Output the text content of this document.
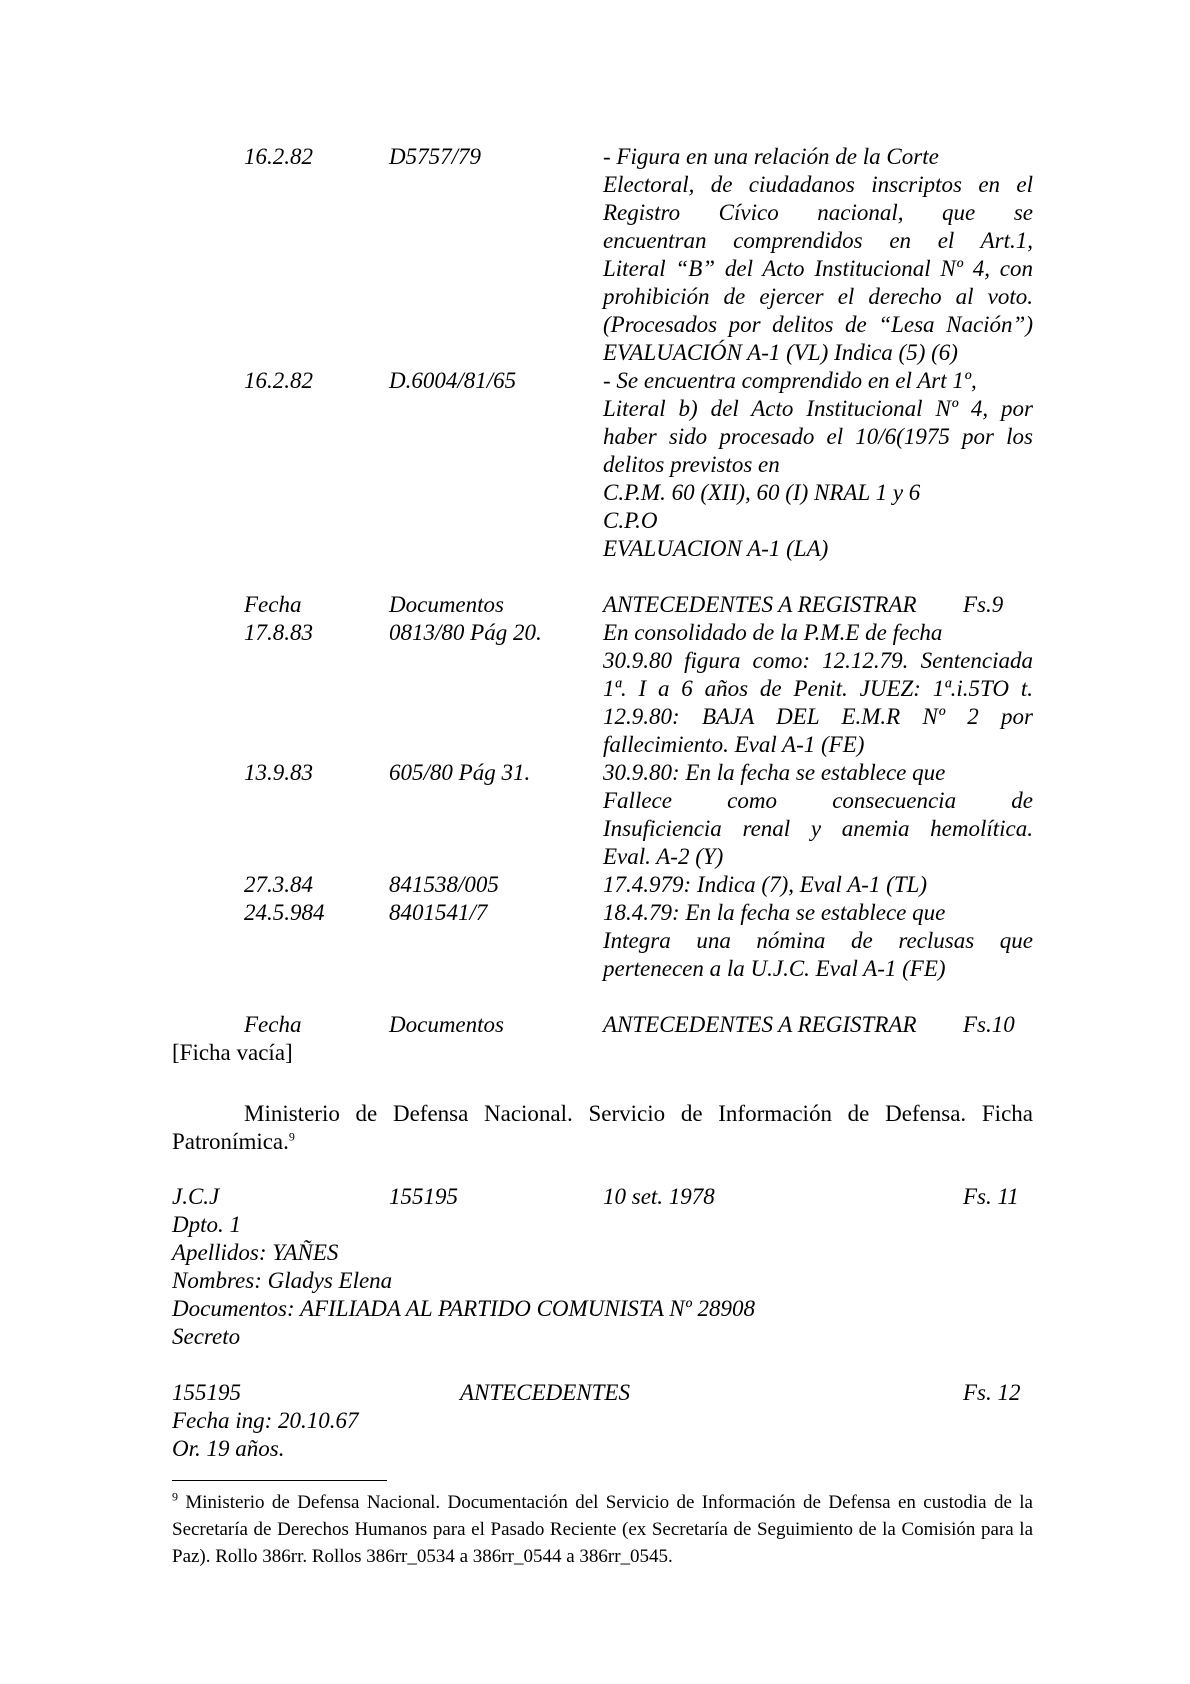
16.2.82	D5757/79	- Figura en una relación de la Corte
Electoral, de ciudadanos inscriptos en el
Registro Cívico nacional, que se
encuentran comprendidos en el Art.1,
Literal “B” del Acto Institucional Nº 4, con
prohibición de ejercer el derecho al voto.
(Procesados por delitos de “Lesa Nación”)
EVALUACIÓN A-1 (VL) Indica (5) (6)
16.2.82	D.6004/81/65	- Se encuentra comprendido en el Art 1º,
Literal b) del Acto Institucional Nº 4, por
haber sido procesado el 10/6(1975 por los
delitos previstos en
C.P.M. 60 (XII), 60 (I) NRAL 1 y 6
C.P.O
EVALUACION A-1 (LA)
Fecha	Documentos	ANTECEDENTES A REGISTRAR Fs.9
17.8.83	0813/80 Pág 20.	En consolidado de la P.M.E de fecha
30.9.80 figura como: 12.12.79. Sentenciada
1ª. I a 6 años de Penit. JUEZ: 1ª.i.5TO t.
12.9.80: BAJA DEL E.M.R Nº 2 por
fallecimiento. Eval A-1 (FE)
13.9.83	605/80 Pág 31.	30.9.80: En la fecha se establece que
Fallece como consecuencia de
Insuficiencia renal y anemia hemolítica.
Eval. A-2 (Y)
27.3.84	841538/005	17.4.979: Indica (7), Eval A-1 (TL)
24.5.984	8401541/7	18.4.79: En la fecha se establece que
Integra una nómina de reclusas que
pertenecen a la U.J.C. Eval A-1 (FE)
Fecha	Documentos	ANTECEDENTES A REGISTRAR Fs.10
[Ficha vacía]
Ministerio de Defensa Nacional. Servicio de Información de Defensa. Ficha
Patronímica.$^9$
J.C.J	155195	10 set. 1978	Fs. 11
Dpto. 1
Apellidos: YAÑES
Nombres: Gladys Elena
Documentos: AFILIADA AL PARTIDO COMUNISTA Nº 28908
Secreto
155195	ANTECEDENTES	Fs. 12
Fecha ing: 20.10.67
Or. 19 años.
$^9$ Ministerio de Defensa Nacional. Documentación del Servicio de Información de Defensa en custodia de la Secretaría de Derechos Humanos para el Pasado Reciente (ex Secretaría de Seguimiento de la Comisión para la Paz). Rollo 386rr. Rollos 386rr_0534 a 386rr_0544 a 386rr_0545.
